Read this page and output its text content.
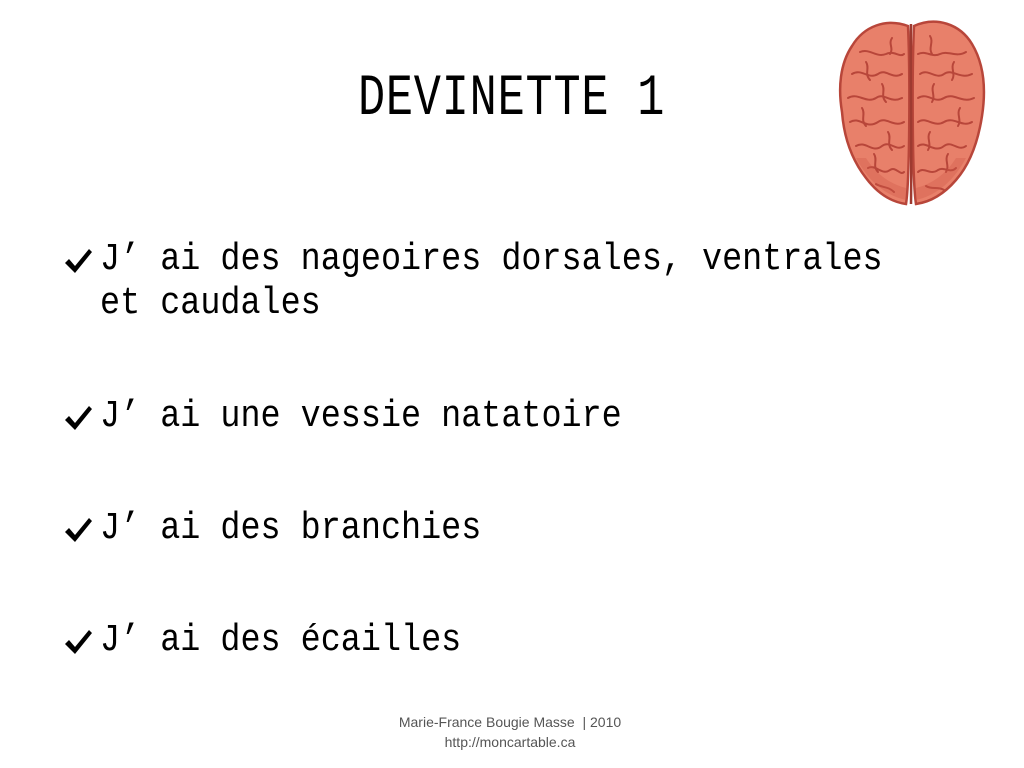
DEVINETTE 1
J’ ai des nageoires dorsales, ventrales et caudales
J’ ai une vessie natatoire
J’ ai des branchies
J’ ai des écailles
Marie-France Bougie Masse  | 2010
http://moncartable.ca
